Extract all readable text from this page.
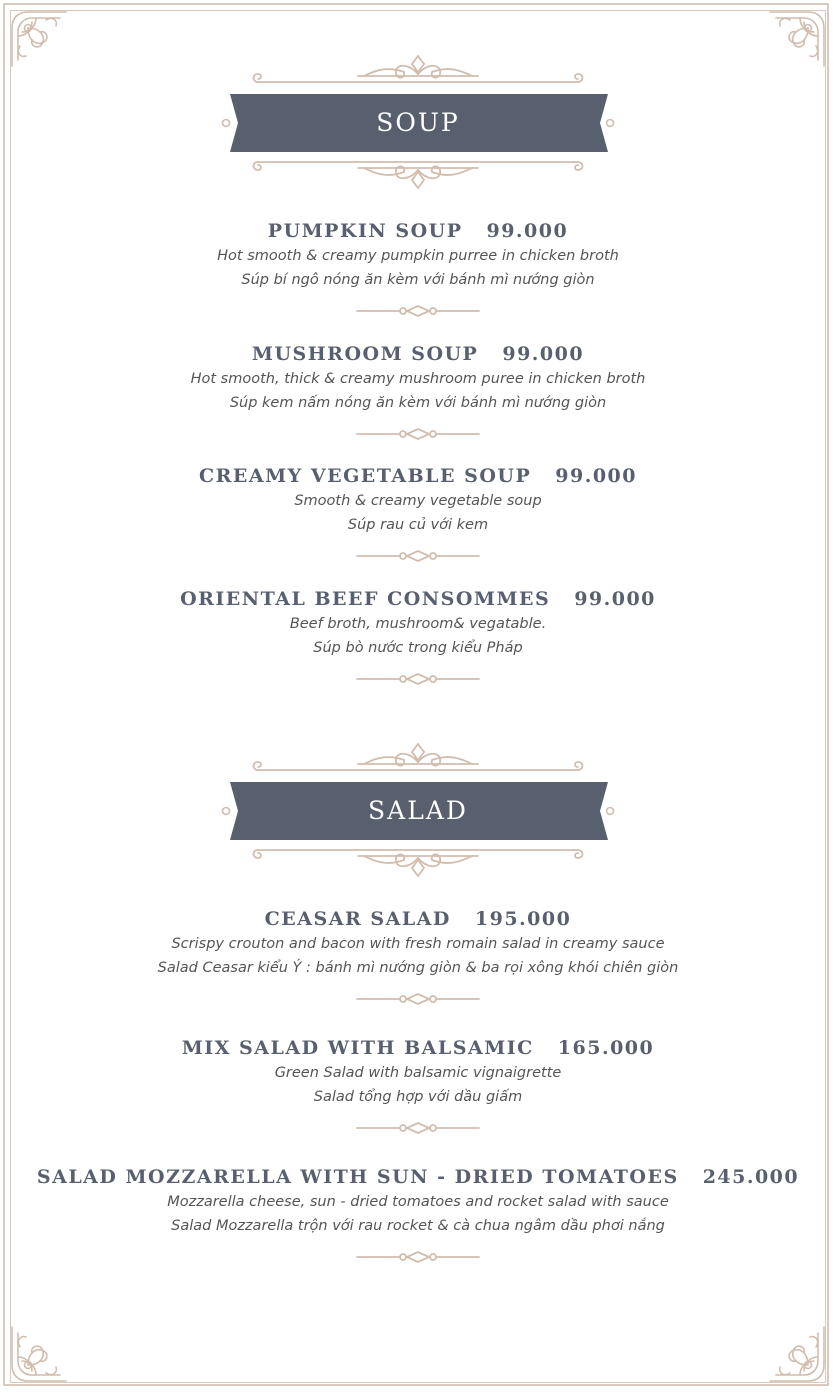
SOUP
PUMPKIN SOUP 99.000
Hot smooth & creamy pumpkin purree in chicken broth
Súp bí ngô nóng ăn kèm với bánh mì nướng giòn
MUSHROOM SOUP 99.000
Hot smooth, thick & creamy mushroom puree in chicken broth
Súp kem nấm nóng ăn kèm với bánh mì nướng giòn
CREAMY VEGETABLE SOUP 99.000
Smooth & creamy vegetable soup
Súp rau củ với kem
ORIENTAL BEEF CONSOMMES 99.000
Beef broth, mushroom& vegatable.
Súp bò nước trong kiểu Pháp
SALAD
CEASAR SALAD 195.000
Scrispy crouton and bacon with fresh romain salad in creamy sauce
Salad Ceasar kiểu Ý : bánh mì nướng giòn & ba rọi xông khói chiên giòn
MIX SALAD WITH BALSAMIC 165.000
Green Salad with balsamic vignaigrette
Salad tổng hợp với dầu giấm
SALAD MOZZARELLA WITH SUN - DRIED TOMATOES 245.000
Mozzarella cheese, sun - dried tomatoes and rocket salad with sauce
Salad Mozzarella trộn với rau rocket & cà chua ngâm dầu phơi nắng
